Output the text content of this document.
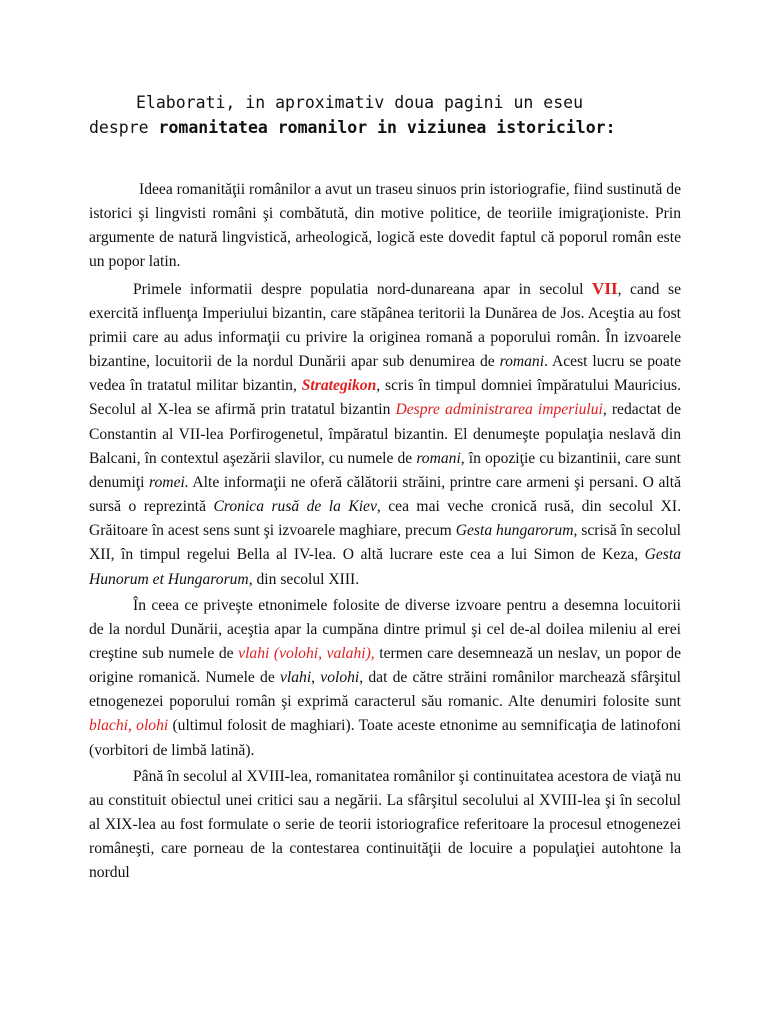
Elaborati, in aproximativ doua pagini un eseu
despre romanitatea romanilor in viziunea istoricilor:

Ideea romanităţii românilor a avut un traseu sinuos prin istoriografie, fiind sustinută de istorici şi lingvisti români şi combătută, din motive politice, de teoriile imigraţioniste. Prin argumente de natură lingvistică, arheologică, logică este dovedit faptul că poporul român este un popor latin.

Primele informatii despre populatia nord-dunareana apar in secolul VII, cand se exercită influenţa Imperiului bizantin, care stăpânea teritorii la Dunărea de Jos. Aceştia au fost primii care au adus informaţii cu privire la originea romană a poporului român. În izvoarele bizantine, locuitorii de la nordul Dunării apar sub denumirea de romani. Acest lucru se poate vedea în tratatul militar bizantin, Strategikon, scris în timpul domniei împăratului Mauricius. Secolul al X-lea se afirmă prin tratatul bizantin Despre administrarea imperiului, redactat de Constantin al VII-lea Porfirogenetul, împăratul bizantin. El denumeşte populaţia neslavă din Balcani, în contextul aşezării slavilor, cu numele de romani, în opoziţie cu bizantinii, care sunt denumiţi romei. Alte informaţii ne oferă călătorii străini, printre care armeni şi persani. O altă sursă o reprezintă Cronica rusă de la Kiev, cea mai veche cronică rusă, din secolul XI. Grăitoare în acest sens sunt şi izvoarele maghiare, precum Gesta hungarorum, scrisă în secolul XII, în timpul regelui Bella al IV-lea. O altă lucrare este cea a lui Simon de Keza, Gesta Hunorum et Hungarorum, din secolul XIII.

În ceea ce priveşte etnonimele folosite de diverse izvoare pentru a desemna locuitorii de la nordul Dunării, aceştia apar la cumpăna dintre primul şi cel de-al doilea mileniu al erei creştine sub numele de vlahi (volohi, valahi), termen care desemnează un neslav, un popor de origine romanică. Numele de vlahi, volohi, dat de către străini românilor marchează sfârşitul etnogenezei poporului român şi exprimă caracterul său romanic. Alte denumiri folosite sunt blachi, olohi (ultimul folosit de maghiari). Toate aceste etnonime au semnificaţia de latinofoni (vorbitori de limbă latină).

Până în secolul al XVIII-lea, romanitatea românilor şi continuitatea acestora de viaţă nu au constituit obiectul unei critici sau a negării. La sfârşitul secolului al XVIII-lea şi în secolul al XIX-lea au fost formulate o serie de teorii istoriografice referitoare la procesul etnogenezei româneşti, care porneau de la contestarea continuităţii de locuire a populaţiei autohtone la nordul
